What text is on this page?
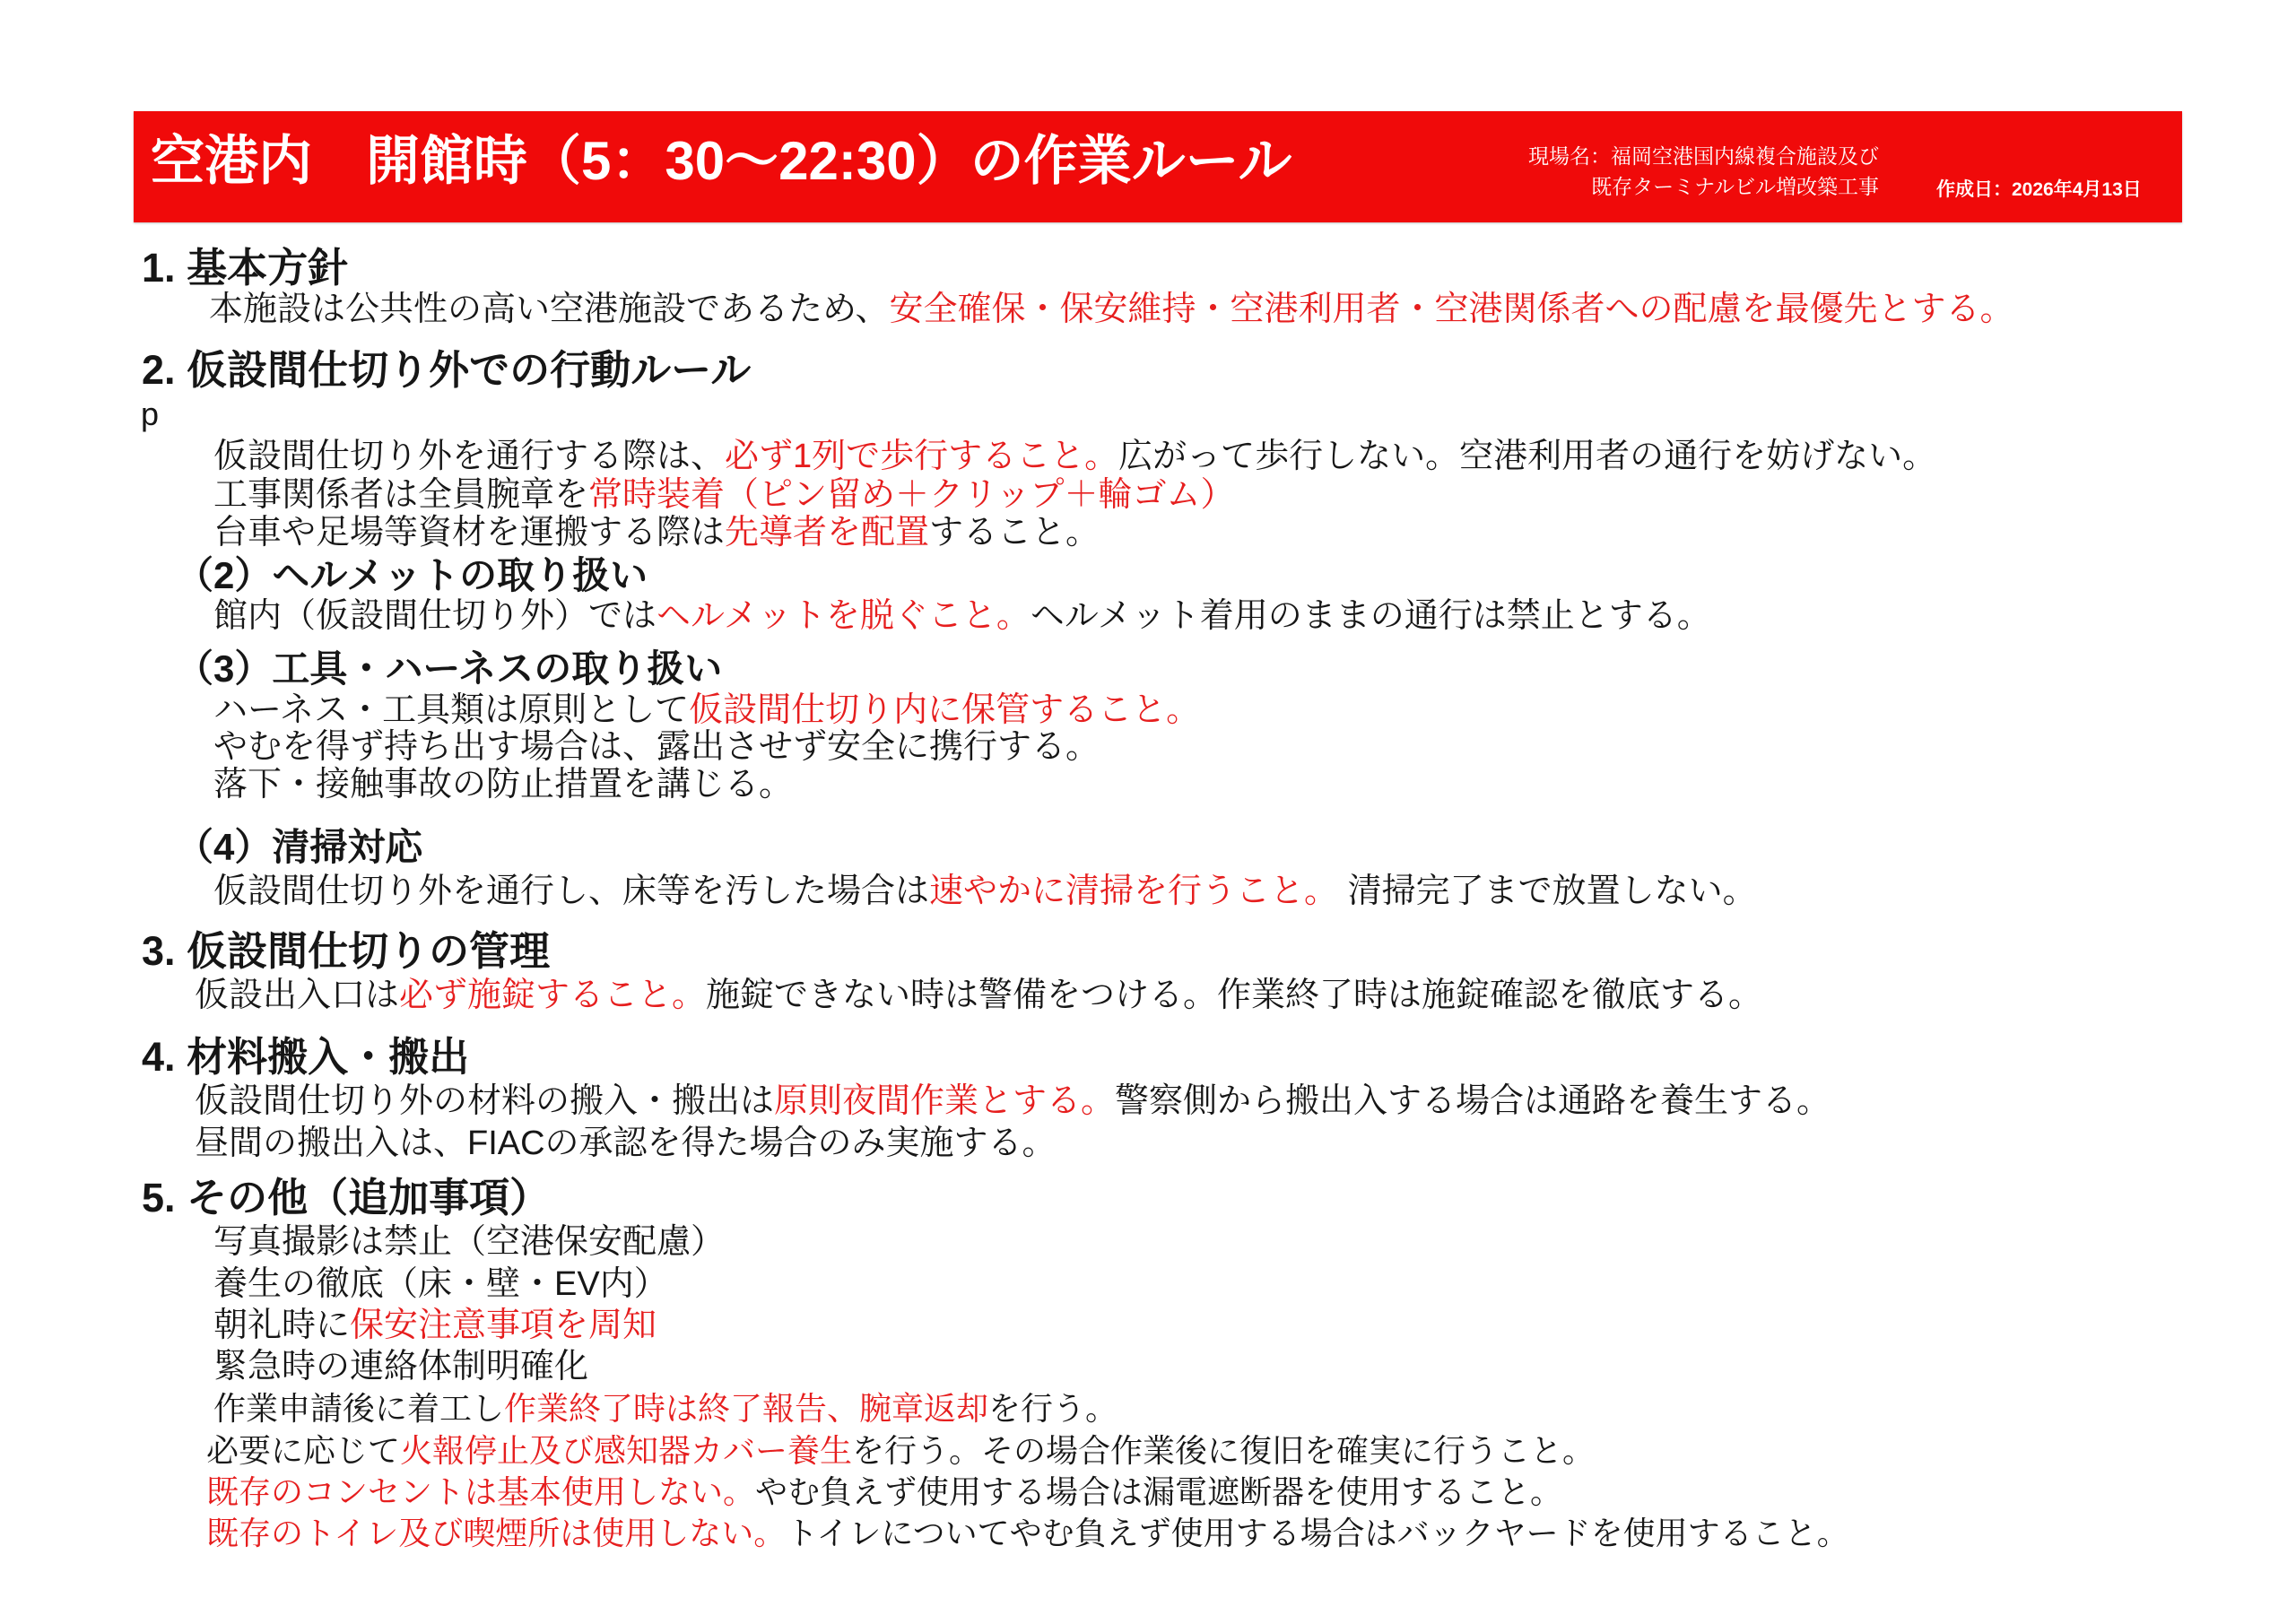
空港内　開館時（5：30〜22:30）の作業ルール	現場名：福岡空港国内線複合施設及び
既存ターミナルビル増改築工事	作成日：2026年4月13日
1. 基本方針
本施設は公共性の高い空港施設であるため、安全確保・保安維持・空港利用者・空港関係者への配慮を最優先とする。
2. 仮設間仕切り外での行動ルール
p
仮設間仕切り外を通行する際は、必ず1列で歩行すること。広がって歩行しない。空港利用者の通行を妨げない。
工事関係者は全員腕章を常時装着（ピン留め＋クリップ＋輪ゴム）
台車や足場等資材を運搬する際は先導者を配置すること。
（2）ヘルメットの取り扱い
館内（仮設間仕切り外）ではヘルメットを脱ぐこと。ヘルメット着用のままの通行は禁止とする。
（3）工具・ハーネスの取り扱い
ハーネス・工具類は原則として仮設間仕切り内に保管すること。
やむを得ず持ち出す場合は、露出させず安全に携行する。
落下・接触事故の防止措置を講じる。
（4）清掃対応
仮設間仕切り外を通行し、床等を汚した場合は速やかに清掃を行うこと。 清掃完了まで放置しない。
3. 仮設間仕切りの管理
仮設出入口は必ず施錠すること。施錠できない時は警備をつける。作業終了時は施錠確認を徹底する。
4. 材料搬入・搬出
仮設間仕切り外の材料の搬入・搬出は原則夜間作業とする。警察側から搬出入する場合は通路を養生する。
昼間の搬出入は、FIACの承認を得た場合のみ実施する。
5. その他（追加事項）
写真撮影は禁止（空港保安配慮）
養生の徹底（床・壁・EV内）
朝礼時に保安注意事項を周知
緊急時の連絡体制明確化
作業申請後に着工し作業終了時は終了報告、腕章返却を行う。
必要に応じて火報停止及び感知器カバー養生を行う。その場合作業後に復旧を確実に行うこと。
既存のコンセントは基本使用しない。やむ負えず使用する場合は漏電遮断器を使用すること。
既存のトイレ及び喫煙所は使用しない。トイレについてやむ負えず使用する場合はバックヤードを使用すること。
